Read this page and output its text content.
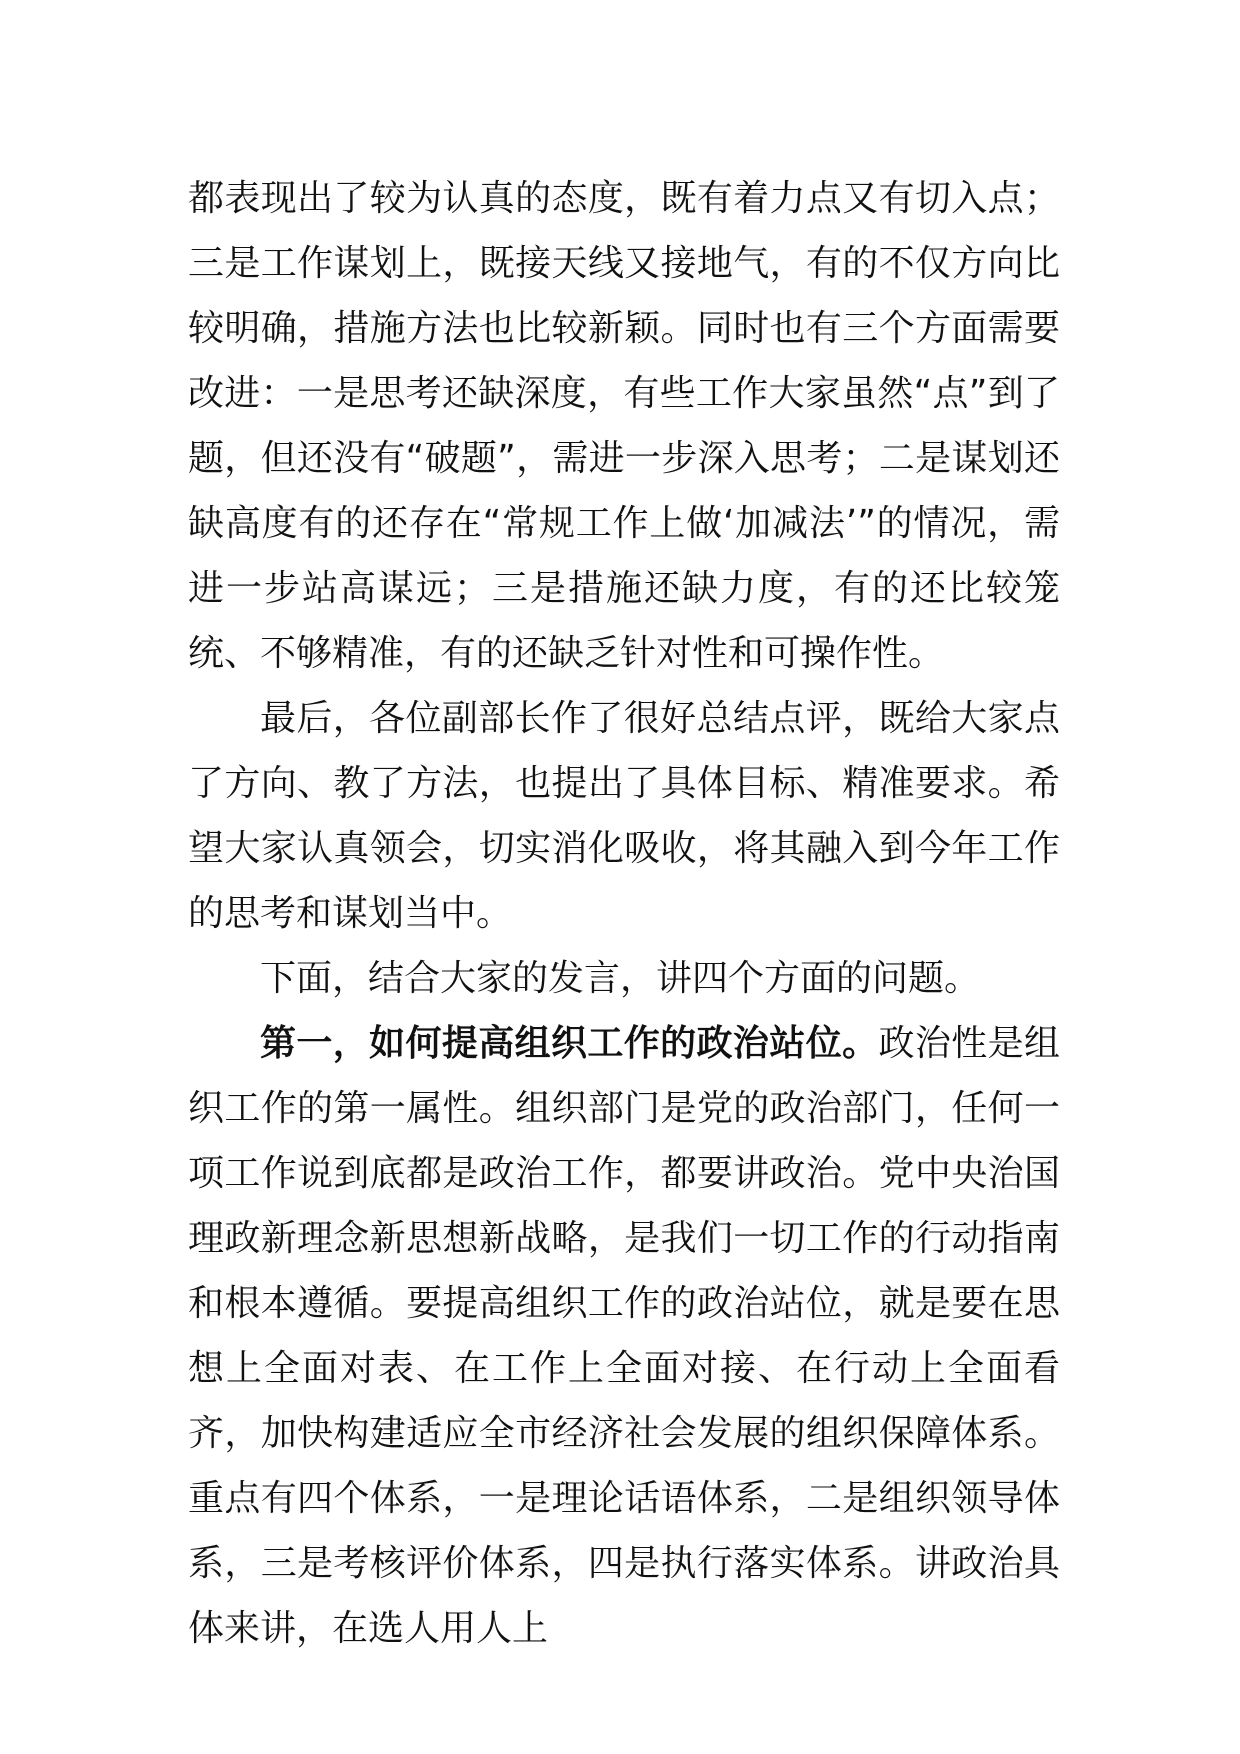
都表现出了较为认真的态度，既有着力点又有切入点；三是工作谋划上，既接天线又接地气，有的不仅方向比较明确，措施方法也比较新颖。同时也有三个方面需要改进：一是思考还缺深度，有些工作大家虽然“点”到了题，但还没有“破题”，需进一步深入思考；二是谋划还缺高度有的还存在“常规工作上做‘加减法’”的情况，需进一步站高谋远；三是措施还缺力度，有的还比较笼统、不够精准，有的还缺乏针对性和可操作性。

最后，各位副部长作了很好总结点评，既给大家点了方向、教了方法，也提出了具体目标、精准要求。希望大家认真领会，切实消化吸收，将其融入到今年工作的思考和谋划当中。

下面，结合大家的发言，讲四个方面的问题。

第一，如何提高组织工作的政治站位。政治性是组织工作的第一属性。组织部门是党的政治部门，任何一项工作说到底都是政治工作，都要讲政治。党中央治国理政新理念新思想新战略，是我们一切工作的行动指南和根本遵循。要提高组织工作的政治站位，就是要在思想上全面对表、在工作上全面对接、在行动上全面看齐，加快构建适应全市经济社会发展的组织保障体系。重点有四个体系，一是理论话语体系，二是组织领导体系，三是考核评价体系，四是执行落实体系。讲政治具体来讲，在选人用人上
